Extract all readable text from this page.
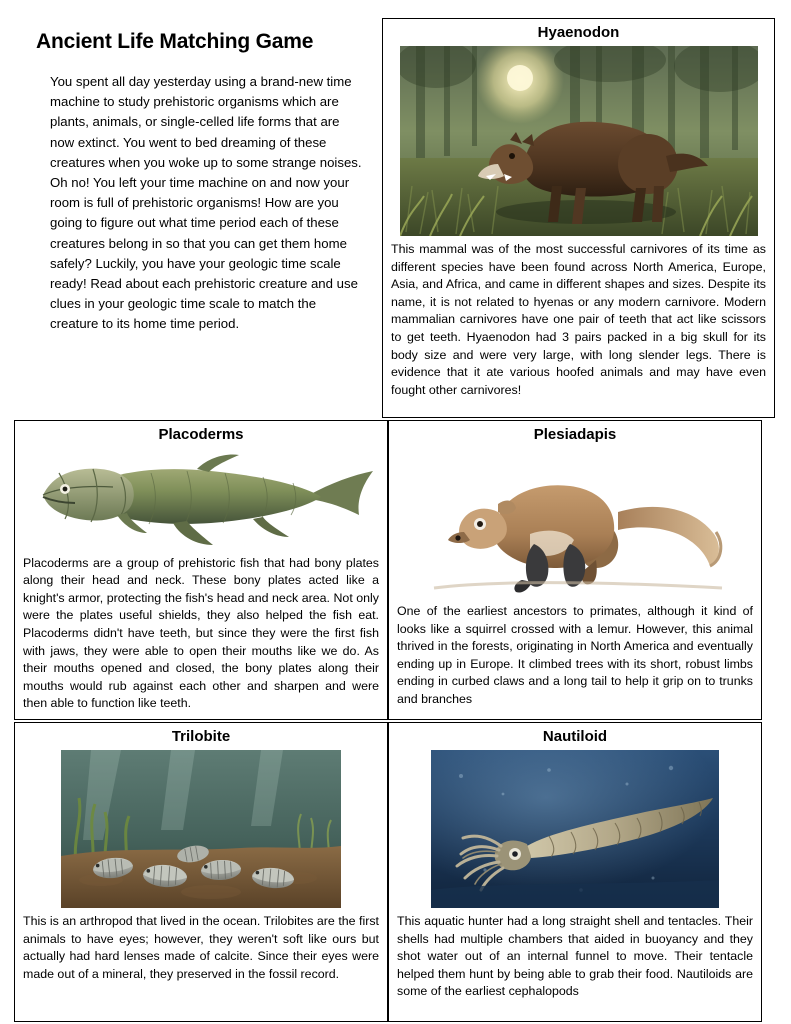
Ancient Life Matching Game
You spent all day yesterday using a brand-new time machine to study prehistoric organisms which are plants, animals, or single-celled life forms that are now extinct. You went to bed dreaming of these creatures when you woke up to some strange noises. Oh no! You left your time machine on and now your room is full of prehistoric organisms! How are you going to figure out what time period each of these creatures belong in so that you can get them home safely? Luckily, you have your geologic time scale ready! Read about each prehistoric creature and use clues in your geologic time scale to match the creature to its home time period.
Hyaenodon
This mammal was of the most successful carnivores of its time as different species have been found across North America, Europe, Asia, and Africa, and came in different shapes and sizes. Despite its name, it is not related to hyenas or any modern carnivore. Modern mammalian carnivores have one pair of teeth that act like scissors to get teeth. Hyaenodon had 3 pairs packed in a big skull for its body size and were very large, with long slender legs. There is evidence that it ate various hoofed animals and may have even fought other carnivores!
Placoderms
Placoderms are a group of prehistoric fish that had bony plates along their head and neck. These bony plates acted like a knight's armor, protecting the fish's head and neck area. Not only were the plates useful shields, they also helped the fish eat. Placoderms didn't have teeth, but since they were the first fish with jaws, they were able to open their mouths like we do. As their mouths opened and closed, the bony plates along their mouths would rub against each other and sharpen and were then able to function like teeth.
Plesiadapis
One of the earliest ancestors to primates, although it kind of looks like a squirrel crossed with a lemur. However, this animal thrived in the forests, originating in North America and eventually ending up in Europe. It climbed trees with its short, robust limbs ending in curbed claws and a long tail to help it grip on to trunks and branches
Trilobite
This is an arthropod that lived in the ocean. Trilobites are the first animals to have eyes; however, they weren't soft like ours but actually had hard lenses made of calcite. Since their eyes were made out of a mineral, they preserved in the fossil record.
Nautiloid
This aquatic hunter had a long straight shell and tentacles. Their shells had multiple chambers that aided in buoyancy and they shot water out of an internal funnel to move. Their tentacle helped them hunt by being able to grab their food. Nautiloids are some of the earliest cephalopods
